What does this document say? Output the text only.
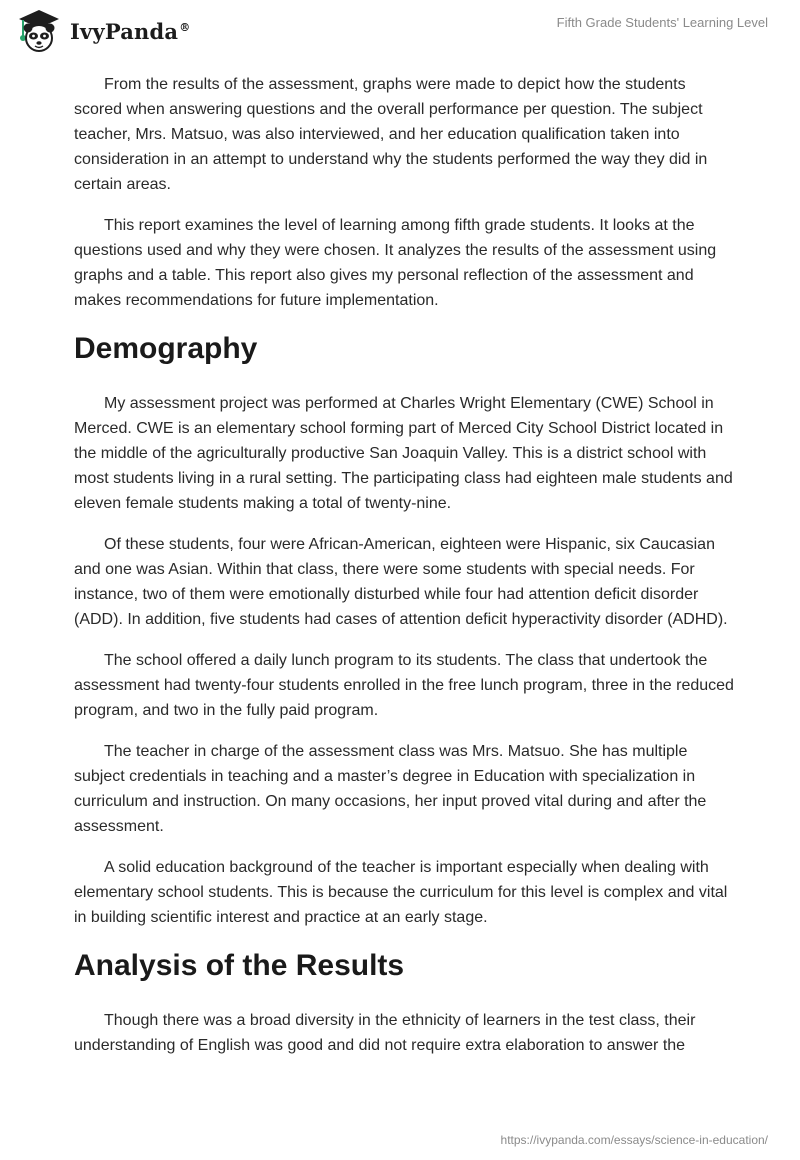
IvyPanda®	Fifth Grade Students' Learning Level

From the results of the assessment, graphs were made to depict how the students scored when answering questions and the overall performance per question. The subject teacher, Mrs. Matsuo, was also interviewed, and her education qualification taken into consideration in an attempt to understand why the students performed the way they did in certain areas.

This report examines the level of learning among fifth grade students. It looks at the questions used and why they were chosen. It analyzes the results of the assessment using graphs and a table. This report also gives my personal reflection of the assessment and makes recommendations for future implementation.

Demography

My assessment project was performed at Charles Wright Elementary (CWE) School in Merced. CWE is an elementary school forming part of Merced City School District located in the middle of the agriculturally productive San Joaquin Valley. This is a district school with most students living in a rural setting. The participating class had eighteen male students and eleven female students making a total of twenty-nine.

Of these students, four were African-American, eighteen were Hispanic, six Caucasian and one was Asian. Within that class, there were some students with special needs. For instance, two of them were emotionally disturbed while four had attention deficit disorder (ADD). In addition, five students had cases of attention deficit hyperactivity disorder (ADHD).

The school offered a daily lunch program to its students. The class that undertook the assessment had twenty-four students enrolled in the free lunch program, three in the reduced program, and two in the fully paid program.

The teacher in charge of the assessment class was Mrs. Matsuo. She has multiple subject credentials in teaching and a master’s degree in Education with specialization in curriculum and instruction. On many occasions, her input proved vital during and after the assessment.

A solid education background of the teacher is important especially when dealing with elementary school students. This is because the curriculum for this level is complex and vital in building scientific interest and practice at an early stage.

Analysis of the Results

Though there was a broad diversity in the ethnicity of learners in the test class, their understanding of English was good and did not require extra elaboration to answer the

https://ivypanda.com/essays/science-in-education/
